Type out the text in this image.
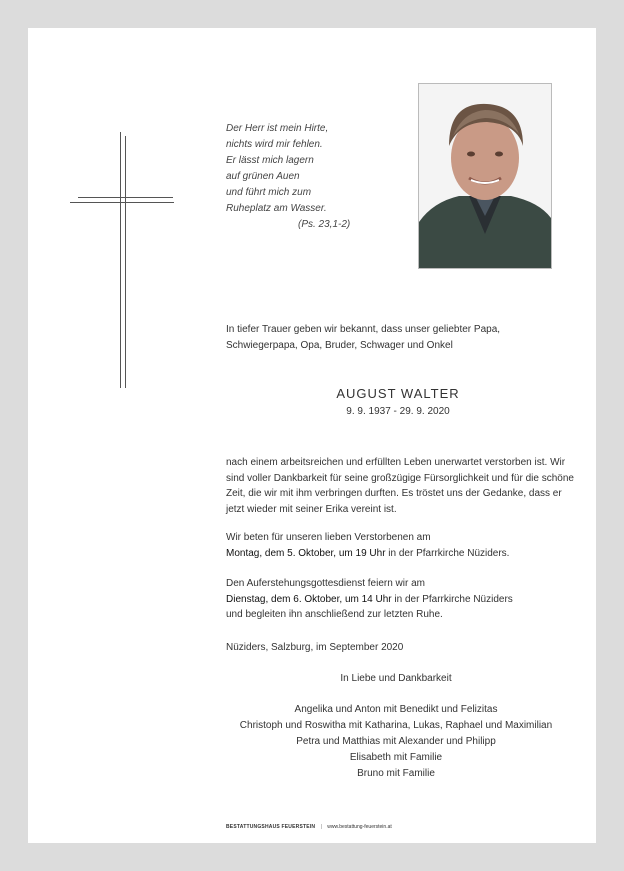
Der Herr ist mein Hirte,
nichts wird mir fehlen.
Er lässt mich lagern
auf grünen Auen
und führt mich zum
Ruheplatz am Wasser.
(Ps. 23,1-2)
In tiefer Trauer geben wir bekannt, dass unser geliebter Papa, Schwiegerpapa, Opa, Bruder, Schwager und Onkel
AUGUST WALTER
9. 9. 1937 - 29. 9. 2020
nach einem arbeitsreichen und erfüllten Leben unerwartet verstorben ist. Wir sind voller Dankbarkeit für seine großzügige Fürsorglichkeit und für die schöne Zeit, die wir mit ihm verbringen durften. Es tröstet uns der Gedanke, dass er jetzt wieder mit seiner Erika vereint ist.
Wir beten für unseren lieben Verstorbenen am
Montag, dem 5. Oktober, um 19 Uhr in der Pfarrkirche Nüziders.
Den Auferstehungsgottesdienst feiern wir am
Dienstag, dem 6. Oktober, um 14 Uhr in der Pfarrkirche Nüziders
und begleiten ihn anschließend zur letzten Ruhe.
Nüziders, Salzburg, im September 2020
In Liebe und Dankbarkeit
Angelika und Anton mit Benedikt und Felizitas
Christoph und Roswitha mit Katharina, Lukas, Raphael und Maximilian
Petra und Matthias mit Alexander und Philipp
Elisabeth mit Familie
Bruno mit Familie
BESTATTUNGSHAUS FEUERSTEIN | www.bestattung-feuerstein.at
